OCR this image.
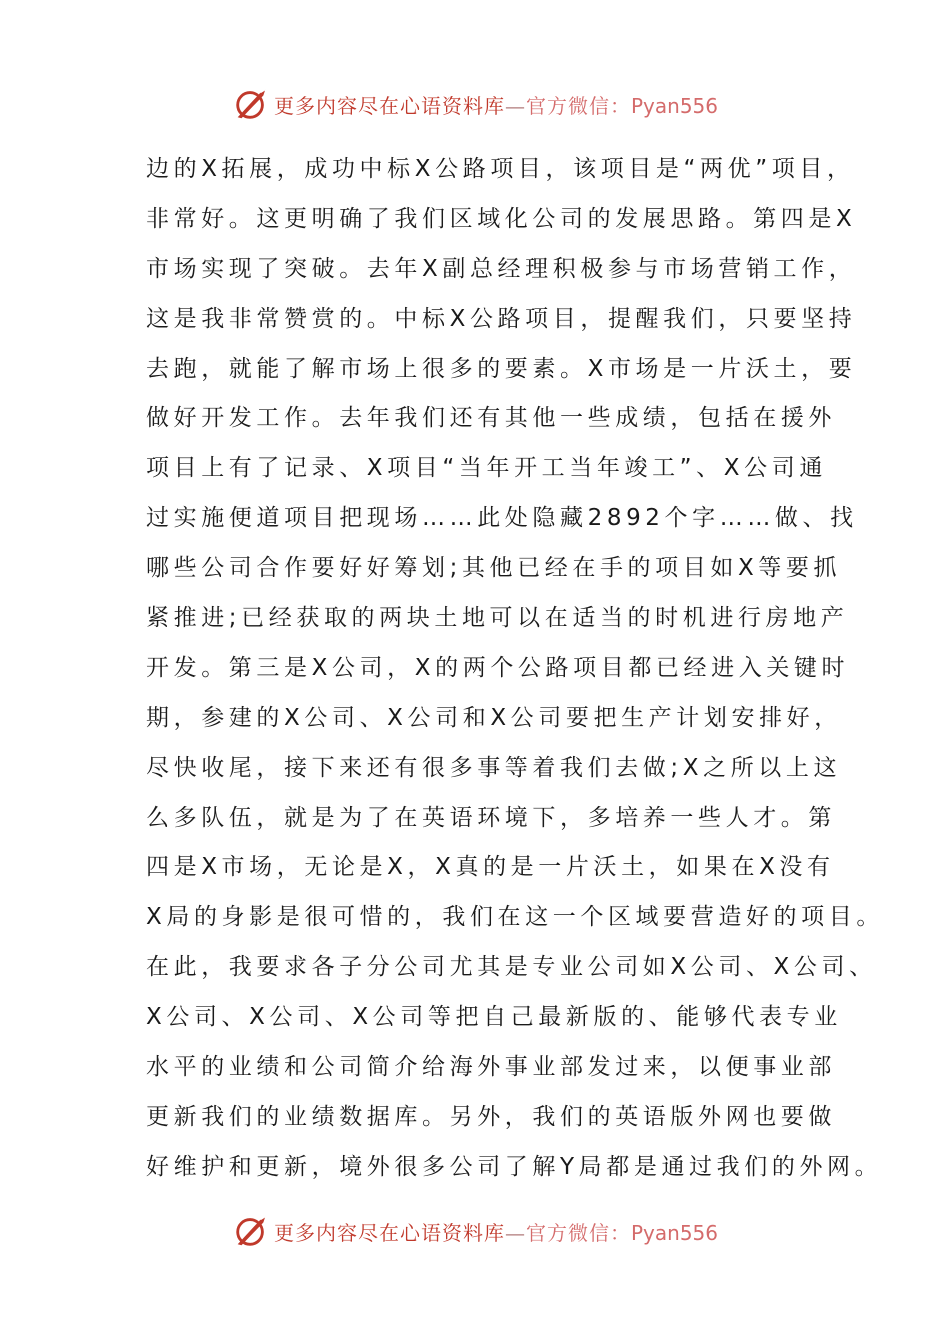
更多内容尽在心语资料库—官方微信：Pyan556
边的X拓展，成功中标X公路项目，该项目是“两优”项目，
非常好。这更明确了我们区域化公司的发展思路。第四是X
市场实现了突破。去年X副总经理积极参与市场营销工作，
这是我非常赞赏的。中标X公路项目，提醒我们，只要坚持
去跑，就能了解市场上很多的要素。X市场是一片沃土，要
做好开发工作。去年我们还有其他一些成绩，包括在援外
项目上有了记录、X项目“当年开工当年竣工”、X公司通
过实施便道项目把现场……此处隐藏2892个字……做、找
哪些公司合作要好好筹划;其他已经在手的项目如X等要抓
紧推进;已经获取的两块土地可以在适当的时机进行房地产
开发。第三是X公司，X的两个公路项目都已经进入关键时
期，参建的X公司、X公司和X公司要把生产计划安排好，
尽快收尾，接下来还有很多事等着我们去做;X之所以上这
么多队伍，就是为了在英语环境下，多培养一些人才。第
四是X市场，无论是X，X真的是一片沃土，如果在X没有
X局的身影是很可惜的，我们在这一个区域要营造好的项目。
在此，我要求各子分公司尤其是专业公司如X公司、X公司、
X公司、X公司、X公司等把自己最新版的、能够代表专业
水平的业绩和公司简介给海外事业部发过来，以便事业部
更新我们的业绩数据库。另外，我们的英语版外网也要做
好维护和更新，境外很多公司了解Y局都是通过我们的外网。
更多内容尽在心语资料库—官方微信：Pyan556
